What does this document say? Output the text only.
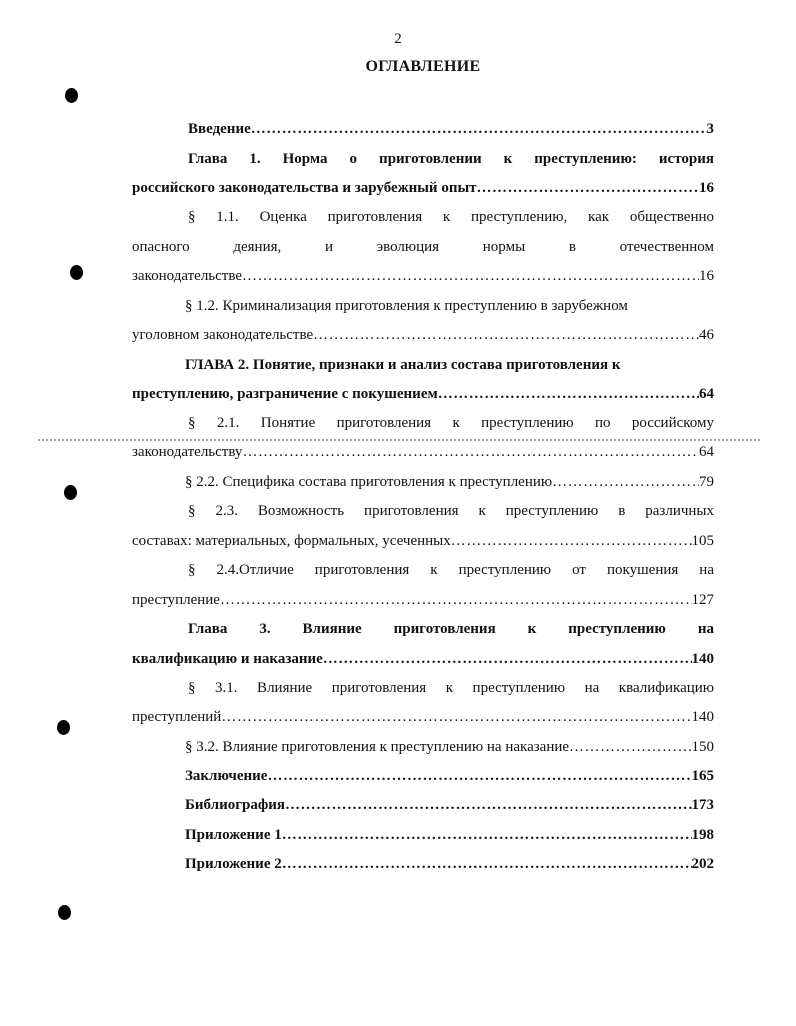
2
ОГЛАВЛЕНИЕ
Введение …………………………………………………………………………………………………………………………………………………………	3
Глава 1. Норма о приготовлении к преступлению: история
российского законодательства и зарубежный опыт …………………………………………………………………………………………………………………………………………………………	16
§ 1.1. Оценка приготовления к преступлению, как общественно
опасного деяния, и эволюция нормы в отечественном
законодательстве …………………………………………………………………………………………………………………………………………………………	16
§ 1.2. Криминализация приготовления к преступлению в зарубежном
уголовном законодательстве …………………………………………………………………………………………………………………………………………………………	46
ГЛАВА 2. Понятие, признаки и анализ состава приготовления к
преступлению, разграничение с покушением …………………………………………………………………………………………………………………………………………………………	64
§ 2.1. Понятие приготовления к преступлению по российскому
законодательству …………………………………………………………………………………………………………………………………………………………	64
§ 2.2. Специфика состава приготовления к преступлению …………………………………………………………………………………………………………………………………………………………	79
§ 2.3. Возможность приготовления к преступлению в различных
составах: материальных, формальных, усеченных …………………………………………………………………………………………………………………………………………………………	105
§ 2.4.Отличие приготовления к преступлению от покушения на
преступление …………………………………………………………………………………………………………………………………………………………	127
Глава 3. Влияние приготовления к преступлению на
квалификацию и наказание …………………………………………………………………………………………………………………………………………………………	140
§ 3.1. Влияние приготовления к преступлению на квалификацию
преступлений …………………………………………………………………………………………………………………………………………………………	140
§ 3.2. Влияние приготовления к преступлению на наказание …………………………………………………………………………………………………………………………………………………………	150
Заключение …………………………………………………………………………………………………………………………………………………………	165
Библиография …………………………………………………………………………………………………………………………………………………………	173
Приложение 1 …………………………………………………………………………………………………………………………………………………………	198
Приложение 2 …………………………………………………………………………………………………………………………………………………………	202
